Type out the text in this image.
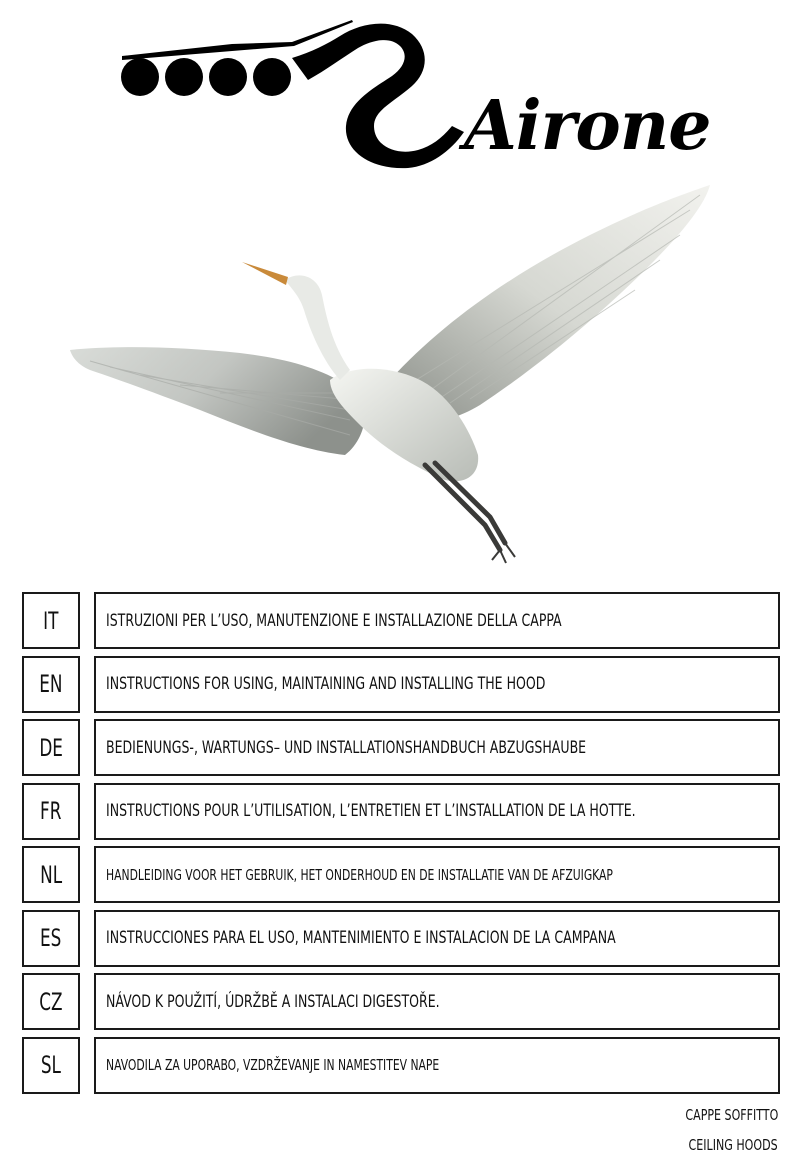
Airone
IT	ISTRUZIONI PER L’USO, MANUTENZIONE E INSTALLAZIONE DELLA CAPPA
EN	INSTRUCTIONS FOR USING, MAINTAINING AND INSTALLING THE HOOD
DE	BEDIENUNGS-, WARTUNGS– UND INSTALLATIONSHANDBUCH ABZUGSHAUBE
FR	INSTRUCTIONS POUR L’UTILISATION, L’ENTRETIEN ET L’INSTALLATION DE LA HOTTE.
NL	HANDLEIDING VOOR HET GEBRUIK, HET ONDERHOUD EN DE INSTALLATIE VAN DE AFZUIGKAP
ES	INSTRUCCIONES PARA EL USO, MANTENIMIENTO E INSTALACION DE LA CAMPANA
CZ	NÁVOD K POUŽITÍ, ÚDRŽBĚ A INSTALACI DIGESTOŘE.
SL	NAVODILA ZA UPORABO, VZDRŽEVANJE IN NAMESTITEV NAPE
CAPPE SOFFITTO
CEILING HOODS
